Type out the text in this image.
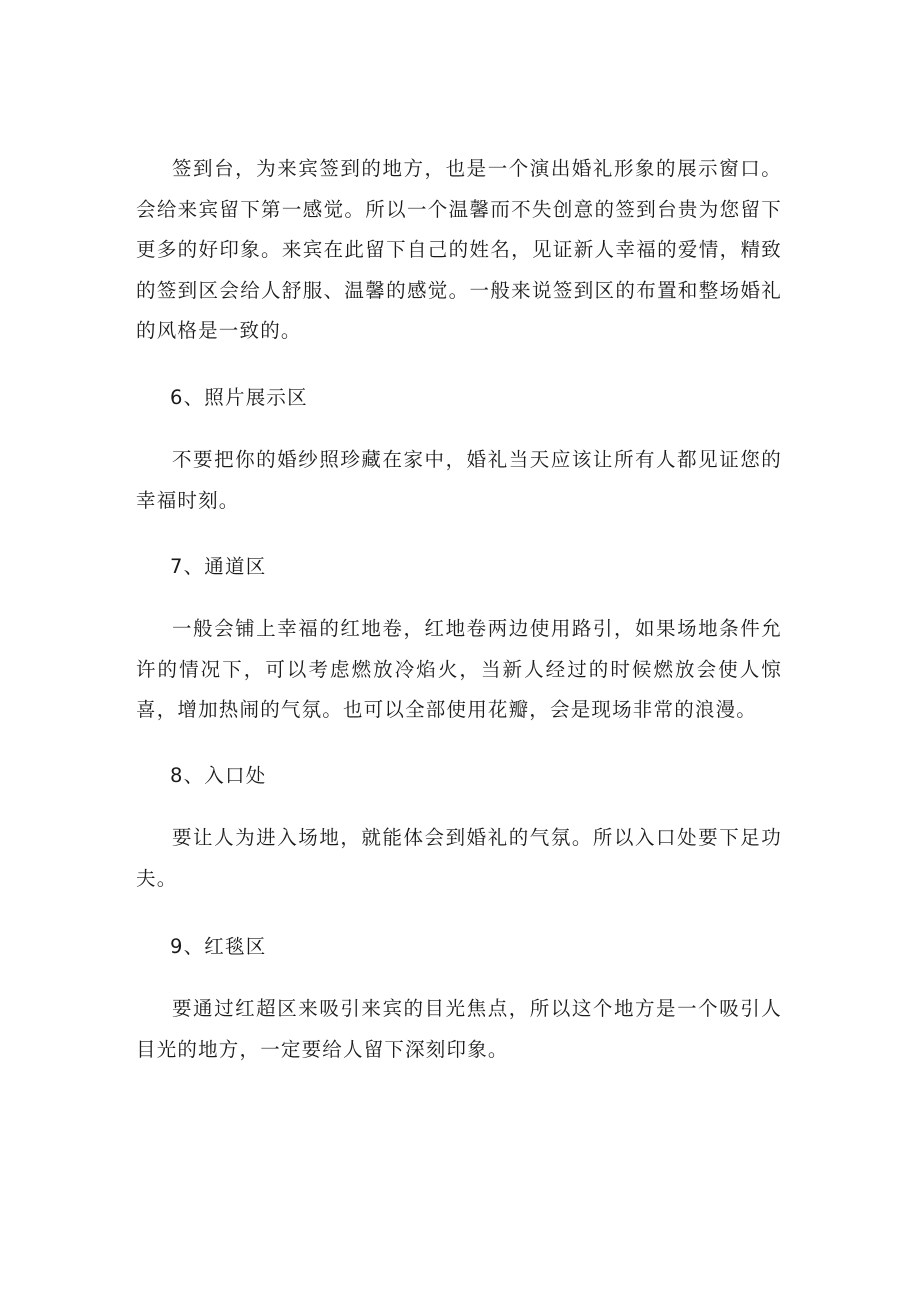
签到台，为来宾签到的地方，也是一个演出婚礼形象的展示窗口。会给来宾留下第一感觉。所以一个温馨而不失创意的签到台贵为您留下更多的好印象。来宾在此留下自己的姓名，见证新人幸福的爱情，精致的签到区会给人舒服、温馨的感觉。一般来说签到区的布置和整场婚礼的风格是一致的。

6、照片展示区

不要把你的婚纱照珍藏在家中，婚礼当天应该让所有人都见证您的幸福时刻。

7、通道区

一般会铺上幸福的红地卷，红地卷两边使用路引，如果场地条件允许的情况下，可以考虑燃放冷焰火，当新人经过的时候燃放会使人惊喜，增加热闹的气氛。也可以全部使用花瓣，会是现场非常的浪漫。

8、入口处

要让人为进入场地，就能体会到婚礼的气氛。所以入口处要下足功夫。

9、红毯区

要通过红超区来吸引来宾的目光焦点，所以这个地方是一个吸引人目光的地方，一定要给人留下深刻印象。
